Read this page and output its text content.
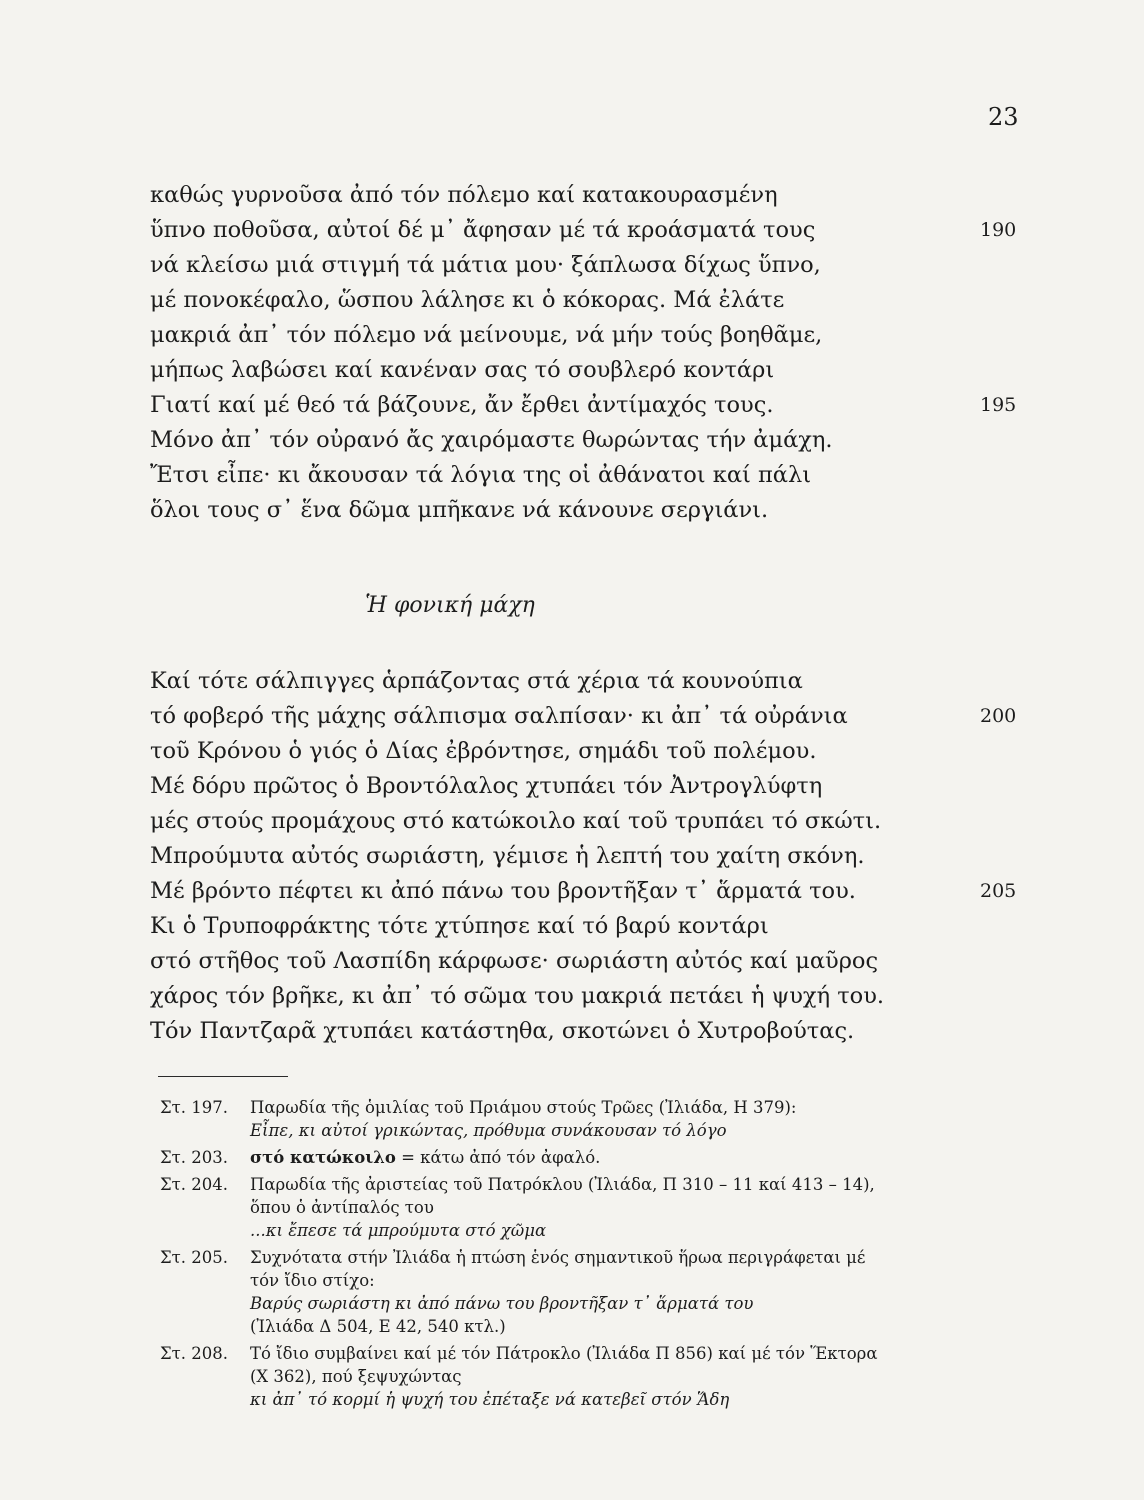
23
καθώς γυρνοῦσα ἀπό τόν πόλεμο καί κατακουρασμένη
ὕπνο ποθοῦσα, αὐτοί δέ μ᾿ ἄφησαν μέ τά κροάσματά τους	190
νά κλείσω μιά στιγμή τά μάτια μου· ξάπλωσα δίχως ὕπνο,
μέ πονοκέφαλο, ὥσπου λάλησε κι ὁ κόκορας. Μά ἐλάτε
μακριά ἀπ᾿ τόν πόλεμο νά μείνουμε, νά μήν τούς βοηθᾶμε,
μήπως λαβώσει καί κανέναν σας τό σουβλερό κοντάρι
Γιατί καί μέ θεό τά βάζουνε, ἄν ἔρθει ἀντίμαχός τους.	195
Μόνο ἀπ᾿ τόν οὐρανό ἄς χαιρόμαστε θωρώντας τήν ἀμάχη.
Ἔτσι εἶπε· κι ἄκουσαν τά λόγια της οἱ ἀθάνατοι καί πάλι
ὅλοι τους σ᾿ ἕνα δῶμα μπῆκανε νά κάνουνε σεργιάνι.
Ἡ φονική μάχη
Καί τότε σάλπιγγες ἁρπάζοντας στά χέρια τά κουνούπια
τό φοβερό τῆς μάχης σάλπισμα σαλπίσαν· κι ἀπ᾿ τά οὐράνια	200
τοῦ Κρόνου ὁ γιός ὁ Δίας ἐβρόντησε, σημάδι τοῦ πολέμου.
Μέ δόρυ πρῶτος ὁ Βροντόλαλος χτυπάει τόν Ἀντρογλύφτη
μές στούς προμάχους στό κατώκοιλο καί τοῦ τρυπάει τό σκώτι.
Μπρούμυτα αὐτός σωριάστη, γέμισε ἡ λεπτή του χαίτη σκόνη.
Μέ βρόντο πέφτει κι ἀπό πάνω του βροντῆξαν τ᾿ ἅρματά του.	205
Κι ὁ Τρυποφράκτης τότε χτύπησε καί τό βαρύ κοντάρι
στό στῆθος τοῦ Λασπίδη κάρφωσε· σωριάστη αὐτός καί μαῦρος
χάρος τόν βρῆκε, κι ἀπ᾿ τό σῶμα του μακριά πετάει ἡ ψυχή του.
Τόν Παντζαρᾶ χτυπάει κατάστηθα, σκοτώνει ὁ Χυτροβούτας.
Στ. 197. Παρωδία τῆς ὁμιλίας τοῦ Πριάμου στούς Τρῶες (Ἰλιάδα, Η 379):
Εἶπε, κι αὐτοί γρικώντας, πρόθυμα συνάκουσαν τό λόγο
Στ. 203. στό κατώκοιλο = κάτω ἀπό τόν ἀφαλό.
Στ. 204. Παρωδία τῆς ἀριστείας τοῦ Πατρόκλου (Ἰλιάδα, Π 310 – 11 καί 413 – 14),
ὅπου ὁ ἀντίπαλός του
...κι ἔπεσε τά μπρούμυτα στό χῶμα
Στ. 205. Συχνότατα στήν Ἰλιάδα ἡ πτώση ἑνός σημαντικοῦ ἥρωα περιγράφεται μέ
τόν ἴδιο στίχο:
Βαρύς σωριάστη κι ἀπό πάνω του βροντῆξαν τ᾿ ἅρματά του
(Ἰλιάδα Δ 504, Ε 42, 540 κτλ.)
Στ. 208. Τό ἴδιο συμβαίνει καί μέ τόν Πάτροκλο (Ἰλιάδα Π 856) καί μέ τόν Ἕκτορα
(Χ 362), πού ξεψυχώντας
κι ἀπ᾿ τό κορμί ἡ ψυχή του ἐπέταξε νά κατεβεῖ στόν Ἅδη
